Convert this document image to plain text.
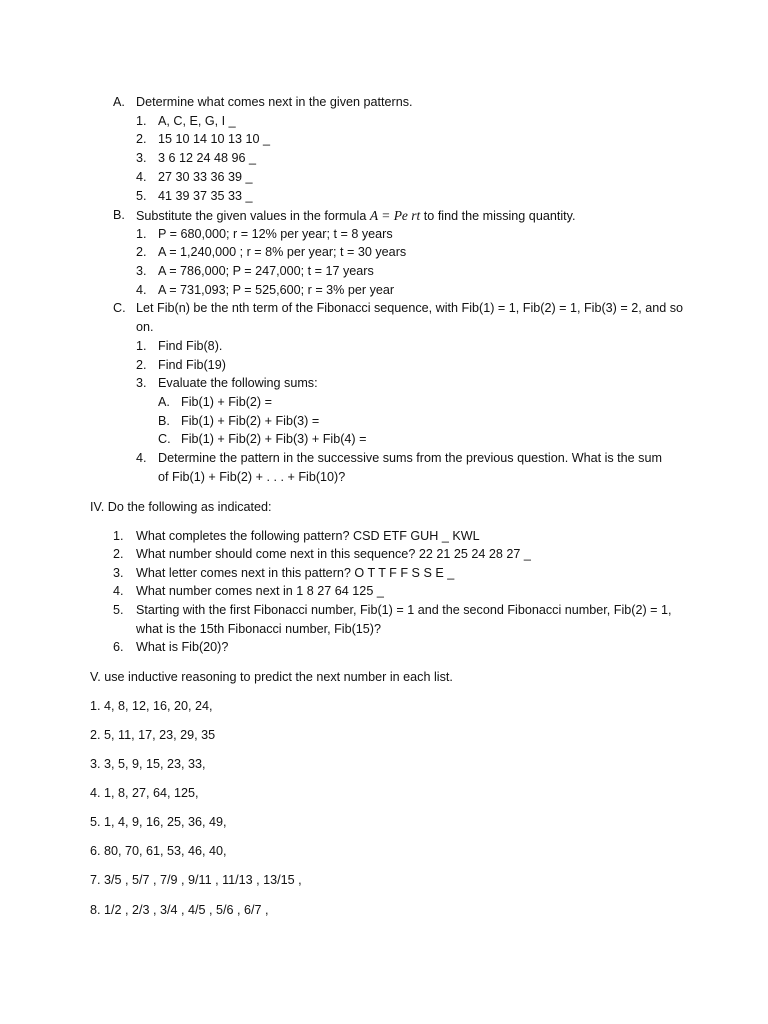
A. Determine what comes next in the given patterns.
1. A, C, E, G, I _
2. 15 10 14 10 13 10 _
3. 3 6 12 24 48 96 _
4. 27 30 33 36 39 _
5. 41 39 37 35 33 _
B. Substitute the given values in the formula A = Pe rt to find the missing quantity.
1. P = 680,000; r = 12% per year; t = 8 years
2. A = 1,240,000 ; r = 8% per year; t = 30 years
3. A = 786,000; P = 247,000; t = 17 years
4. A = 731,093; P = 525,600; r = 3% per year
C. Let Fib(n) be the nth term of the Fibonacci sequence, with Fib(1) = 1, Fib(2) = 1, Fib(3) = 2, and so
on.
1. Find Fib(8).
2. Find Fib(19)
3. Evaluate the following sums:
A. Fib(1) + Fib(2) =
B. Fib(1) + Fib(2) + Fib(3) =
C. Fib(1) + Fib(2) + Fib(3) + Fib(4) =
4. Determine the pattern in the successive sums from the previous question. What is the sum
of Fib(1) + Fib(2) + . . . + Fib(10)?
IV. Do the following as indicated:
1. What completes the following pattern? CSD ETF GUH _ KWL
2. What number should come next in this sequence? 22 21 25 24 28 27 _
3. What letter comes next in this pattern? O T T F F S S E _
4. What number comes next in 1 8 27 64 125 _
5. Starting with the first Fibonacci number, Fib(1) = 1 and the second Fibonacci number, Fib(2) = 1,
what is the 15th Fibonacci number, Fib(15)?
6. What is Fib(20)?
V. use inductive reasoning to predict the next number in each list.
1. 4, 8, 12, 16, 20, 24,
2. 5, 11, 17, 23, 29, 35
3. 3, 5, 9, 15, 23, 33,
4. 1, 8, 27, 64, 125,
5. 1, 4, 9, 16, 25, 36, 49,
6. 80, 70, 61, 53, 46, 40,
7. 3/5 , 5/7 , 7/9 , 9/11 , 11/13 , 13/15 ,
8. 1/2 , 2/3 , 3/4 , 4/5 , 5/6 , 6/7 ,
